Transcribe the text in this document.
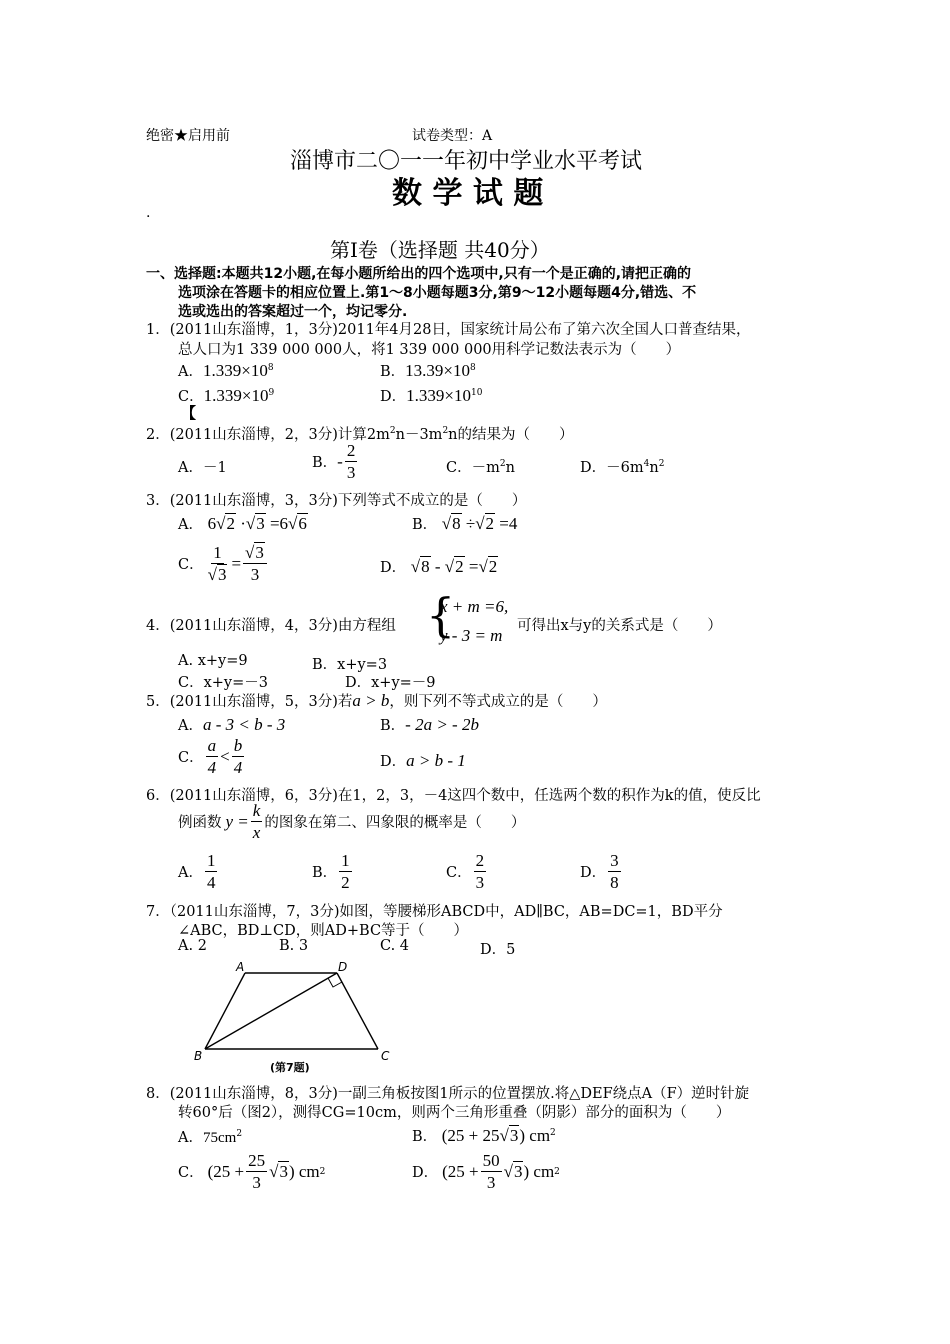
绝密★启用前	试卷类型：A
淄博市二〇一一年初中学业水平考试
数 学 试 题
.
第Ⅰ卷（选择题 共40分）
一、选择题:本题共12小题,在每小题所给出的四个选项中,只有一个是正确的,请把正确的
选项涂在答题卡的相应位置上.第1～8小题每题3分,第9～12小题每题4分,错选、不
选或选出的答案超过一个，均记零分.
1．(2011山东淄博，1，3分)2011年4月28日，国家统计局公布了第六次全国人口普查结果，
总人口为1 339 000 000人，将1 339 000 000用科学记数法表示为（　　）
A．$1.339\times 10^8$	B．$13.39\times 10^8$
C．$1.339\times 10^9$	D．$1.339\times 10^{10}$
【
2．(2011山东淄博，2，3分)计算$2m^2n-3m^2n$的结果为（　　）
A．－1	B． - $\frac{2}{3}$	C．$-m^2n$	D．$-6m^4n^2$
3．(2011山东淄博，3，3分)下列等式不成立的是（　　）
A． 6√2 ·√3 =6√6	B． √8 ÷√2 =4
C． $\frac{1}{√3} = \frac{√3}{3}$	D． √8 - √2 =√2
4．(2011山东淄博，4，3分)由方程组 {
x + m =6,
y - 3 = m 可得出x与y的关系式是（　　）
A. x+y=9	B．x+y=3
C．x+y=－3	D．x+y=－9
5．(2011山东淄博，5，3分)若a > b，则下列不等式成立的是（　　）
A．a - 3 < b - 3	B．- 2a > - 2b
C． $\frac{a}{4} < \frac{b}{4}$	D．a > b - 1
6．(2011山东淄博，6，3分)在1，2，3，－4这四个数中，任选两个数的积作为k的值，使反比
例函数 $y = \frac{k}{x}$ 的图象在第二、四象限的概率是（　　）
A． $\frac{1}{4}$	B． $\frac{1}{2}$	C． $\frac{2}{3}$	D． $\frac{3}{8}$
7．（2011山东淄博，7，3分)如图，等腰梯形ABCD中，AD∥BC，AB=DC=1，BD平分
∠ABC，BD⊥CD，则AD+BC等于（　　）
A. 2	B. 3	C. 4	D．5
A	D
B	C
(第7题)
8．(2011山东淄博，8，3分)一副三角板按图1所示的位置摆放.将△DEF绕点A（F）逆时针旋
转60°后（图2），测得CG=10cm，则两个三角形重叠（阴影）部分的面积为（　　）
A．$75cm^2$	B． (25 + 25√3) $cm^2$
C． $(25 + \frac{25}{3} √3)$ cm 2	D． $(25 + \frac{50}{3} √3)$ cm 2
